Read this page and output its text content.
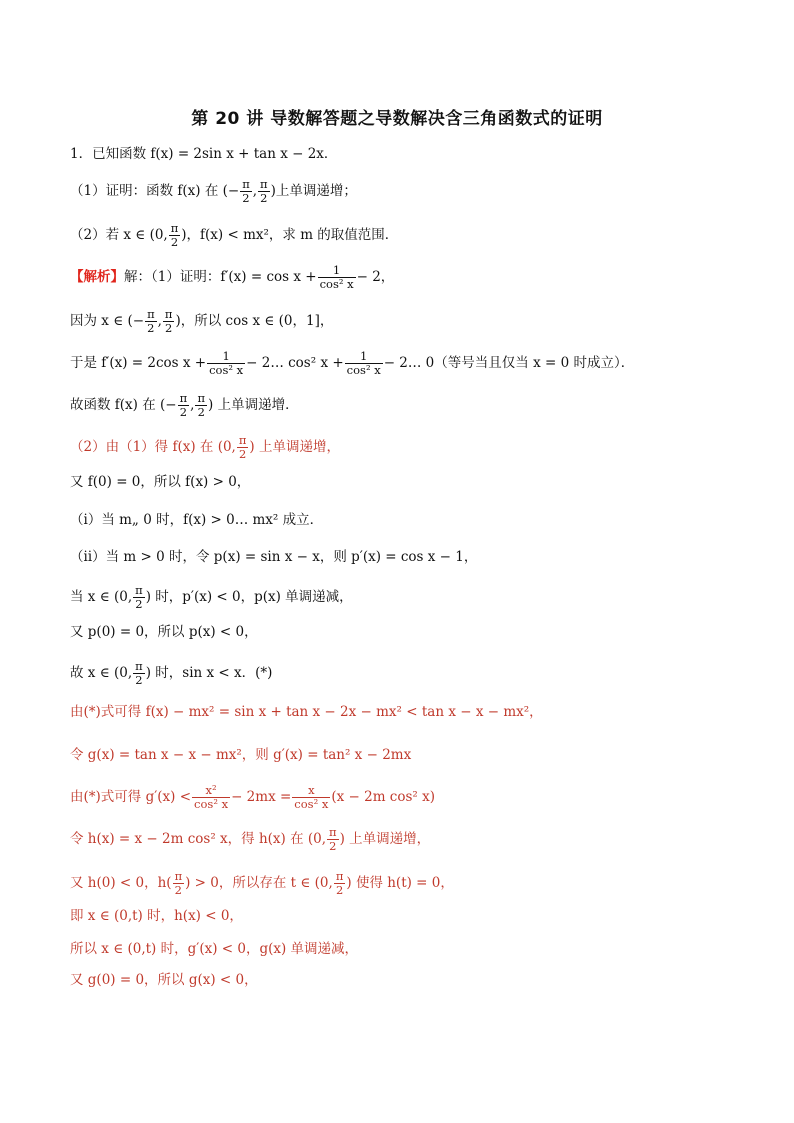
第 20 讲 导数解答题之导数解决含三角函数式的证明
1．已知函数 f(x) = 2sin x + tan x − 2x．
（1）证明：函数 f(x) 在 (− $\frac{\pi}{2}$ , $\frac{\pi}{2}$ )上单调递增；
（2）若 x ∈ (0, $\frac{\pi}{2}$ )，f(x) < mx²，求 m 的取值范围．
【解析】解：（1）证明：$f'(x) = \cos x + \frac{1}{\text{cos² x}} - 2$，
因为 x ∈ (− $\frac{\pi}{2}$ , $\frac{\pi}{2}$ )，所以 cos x ∈ (0，1]，
于是 f′(x) = 2cos $x + \frac{1}{\text{cos² x}}$ − 2… cos² $x + \frac{1}{\text{cos² x}}$ − 2… 0（等号当且仅当 x = 0 时成立）．
故函数 f(x) 在 (− $\frac{\pi}{2}$ , $\frac{\pi}{2}$ ) 上单调递增．
（2）由（1）得 f(x) 在 (0, $\frac{\pi}{2}$ ) 上单调递增，
又 f(0) = 0，所以 f(x) > 0，
（ⅰ）当 m„ 0 时，f(x) > 0… mx² 成立．
（ⅱ）当 m > 0 时，令 p(x) = sin x − x，则 p′(x) = cos x − 1，
当 x ∈ (0, $\frac{\pi}{2}$ ) 时，p′(x) < 0，p(x) 单调递减，
又 p(0) = 0，所以 p(x) < 0，
故 x ∈ (0, $\frac{\pi}{2}$ ) 时，sin x < x．(*)
由(*)式可得 f(x) − mx² = sin x + tan x − 2x − mx² < tan x − x − mx²，
令 g(x) = tan x − x − mx²，则 g′(x) = tan² x − 2mx
由(*)式可得 $g'(x) < \frac{\text{x²}}{\text{cos² x}} - 2mx = \frac{x}{\text{cos² x}} (x - 2m$ cos² x)
令 h(x) = x − 2m cos² x，得 h(x) 在 (0, $\frac{\pi}{2}$ ) 上单调递增，
又 h(0) < 0，$h( \frac{\pi}{2}$ ) > 0，所以存在 t ∈ (0, $\frac{\pi}{2}$ ) 使得 h(t) = 0，
即 x ∈ (0,t) 时，h(x) < 0，
所以 x ∈ (0,t) 时，g′(x) < 0，g(x) 单调递减，
又 g(0) = 0，所以 g(x) < 0，
